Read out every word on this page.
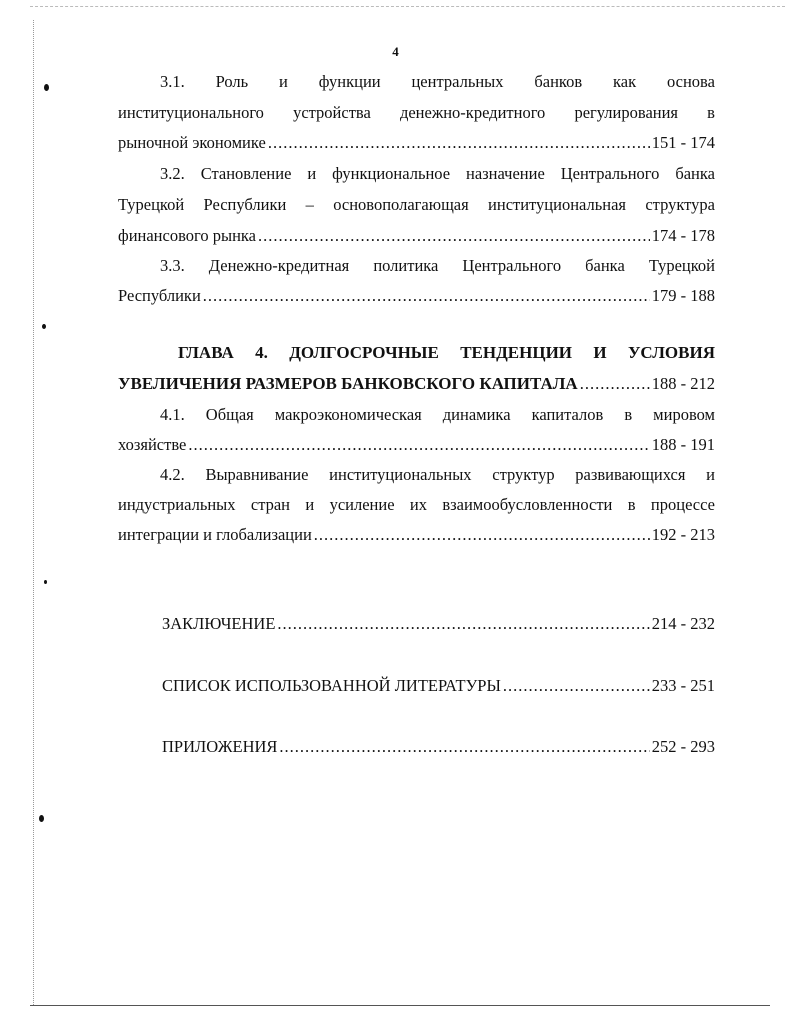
4
3.1. Роль и функции центральных банков как основа
институционального устройства денежно-кредитного регулирования в
рыночной экономике .....	151 - 174
3.2. Становление и функциональное назначение Центрального банка
Турецкой Республики – основополагающая институциональная структура
финансового рынка .....	174 - 178
3.3. Денежно-кредитная политика Центрального банка Турецкой
Республики .....	179 - 188
ГЛАВА 4. ДОЛГОСРОЧНЫЕ ТЕНДЕНЦИИ И УСЛОВИЯ
УВЕЛИЧЕНИЯ РАЗМЕРОВ БАНКОВСКОГО КАПИТАЛА .....	188 - 212
4.1. Общая макроэкономическая динамика капиталов в мировом
хозяйстве .....	188 - 191
4.2. Выравнивание институциональных структур развивающихся и
индустриальных стран и усиление их взаимообусловленности в процессе
интеграции и глобализации .....	192 - 213
ЗАКЛЮЧЕНИЕ .....	214 - 232
СПИСОК ИСПОЛЬЗОВАННОЙ ЛИТЕРАТУРЫ .....	233 - 251
ПРИЛОЖЕНИЯ .....	252 - 293
